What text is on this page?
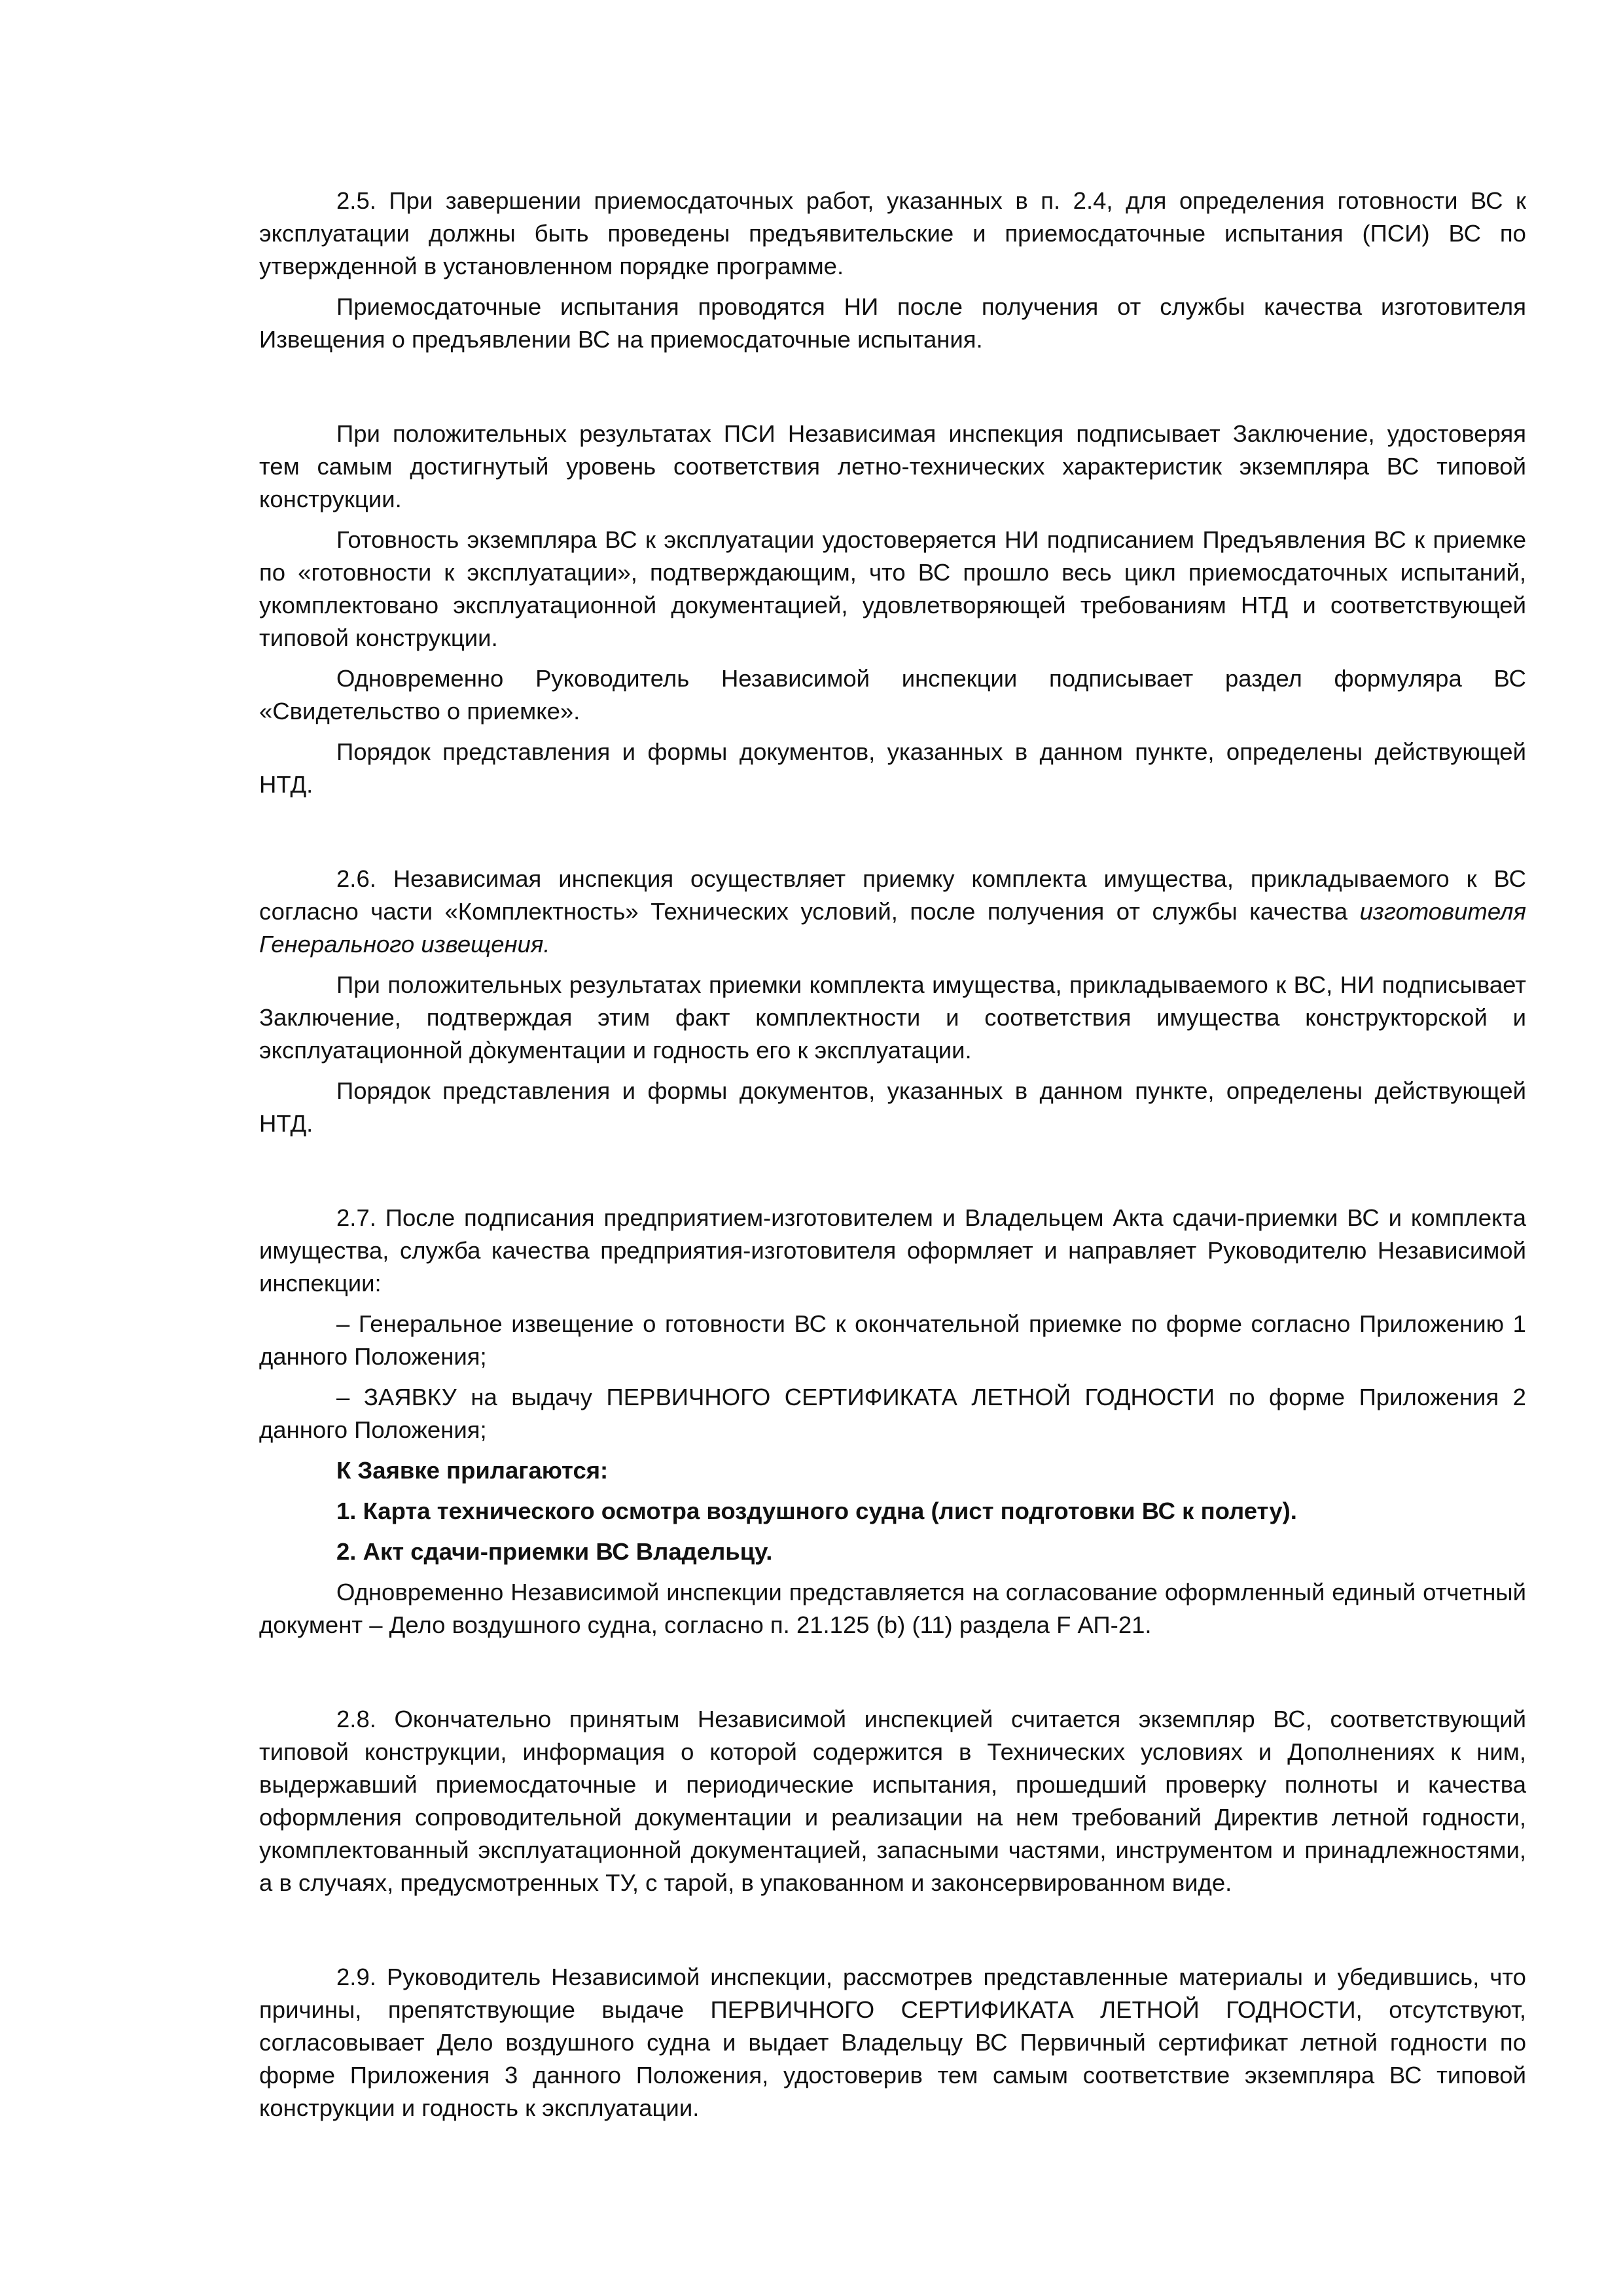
2.5. При завершении приемосдаточных работ, указанных в п. 2.4, для определения готовности ВС к эксплуатации должны быть проведены предъявительские и приемосдаточные испытания (ПСИ) ВС по утвержденной в установленном порядке программе.

Приемосдаточные испытания проводятся НИ после получения от службы качества изготовителя Извещения о предъявлении ВС на приемосдаточные испытания.

При положительных результатах ПСИ Независимая инспекция подписывает Заключение, удостоверяя тем самым достигнутый уровень соответствия летно-технических характеристик экземпляра ВС типовой конструкции.

Готовность экземпляра ВС к эксплуатации удостоверяется НИ подписанием Предъявления ВС к приемке по «готовности к эксплуатации», подтверждающим, что ВС прошло весь цикл приемосдаточных испытаний, укомплектовано эксплуатационной документацией, удовлетворяющей требованиям НТД и соответствующей типовой конструкции.

Одновременно Руководитель Независимой инспекции подписывает раздел формуляра ВС «Свидетельство о приемке».

Порядок представления и формы документов, указанных в данном пункте, определены действующей НТД.

2.6. Независимая инспекция осуществляет приемку комплекта имущества, прикладываемого к ВС согласно части «Комплектность» Технических условий, после получения от службы качества изготовителя Генерального извещения.

При положительных результатах приемки комплекта имущества, прикладываемого к ВС, НИ подписывает Заключение, подтверждая этим факт комплектности и соответствия имущества конструкторской и эксплуатационной до̀кументации и годность его к эксплуатации.

Порядок представления и формы документов, указанных в данном пункте, определены действующей НТД.

2.7. После подписания предприятием-изготовителем и Владельцем Акта сдачи-приемки ВС и комплекта имущества, служба качества предприятия-изготовителя оформляет и направляет Руководителю Независимой инспекции:

– Генеральное извещение о готовности ВС к окончательной приемке по форме согласно Приложению 1 данного Положения;

– ЗАЯВКУ на выдачу ПЕРВИЧНОГО СЕРТИФИКАТА ЛЕТНОЙ ГОДНОСТИ по форме Приложения 2 данного Положения;

К Заявке прилагаются:

1. Карта технического осмотра воздушного судна (лист подготовки ВС к полету).

2. Акт сдачи-приемки ВС Владельцу.

Одновременно Независимой инспекции представляется на согласование оформленный единый отчетный документ – Дело воздушного судна, согласно п. 21.125 (b) (11) раздела F АП-21.

2.8. Окончательно принятым Независимой инспекцией считается экземпляр ВС, соответствующий типовой конструкции, информация о которой содержится в Технических условиях и Дополнениях к ним, выдержавший приемосдаточные и периодические испытания, прошедший проверку полноты и качества оформления сопроводительной документации и реализации на нем требований Директив летной годности, укомплектованный эксплуатационной документацией, запасными частями, инструментом и принадлежностями, а в случаях, предусмотренных ТУ, с тарой, в упакованном и законсервированном виде.

2.9. Руководитель Независимой инспекции, рассмотрев представленные материалы и убедившись, что причины, препятствующие выдаче ПЕРВИЧНОГО СЕРТИФИКАТА ЛЕТНОЙ ГОДНОСТИ, отсутствуют, согласовывает Дело воздушного судна и выдает Владельцу ВС Первичный сертификат летной годности по форме Приложения 3 данного Положения, удостоверив тем самым соответствие экземпляра ВС типовой конструкции и годность к эксплуатации.
